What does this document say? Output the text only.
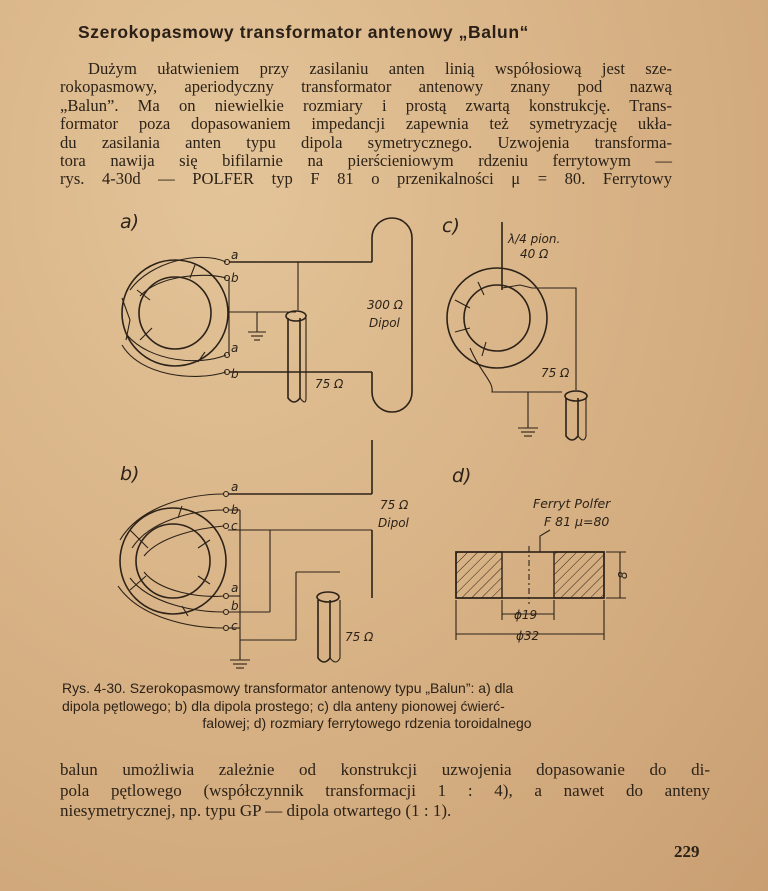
Szerokopasmowy transformator antenowy „Balun“
Dużym ułatwieniem przy zasilaniu anten linią współosiową jest sze-
rokopasmowy, aperiodyczny transformator antenowy znany pod nazwą
„Balun”. Ma on niewielkie rozmiary i prostą zwartą konstrukcję. Trans-
formator poza dopasowaniem impedancji zapewnia też symetryzację ukła-
du zasilania anten typu dipola symetrycznego. Uzwojenia transforma-
tora nawija się bifilarnie na pierścieniowym rdzeniu ferrytowym —
rys. 4-30d — POLFER typ F 81 o przenikalności μ = 80. Ferrytowy
a)
a
b
a
b
75 Ω
300 Ω
Dipol
c)
λ/4 pion.
40 Ω
75 Ω
b)
a
b
c
a
b
c
75 Ω
Dipol
75 Ω
d)
Ferryt Polfer
F 81 μ=80
8
ϕ19
ϕ32
Rys. 4-30. Szerokopasmowy transformator antenowy typu „Balun”: a) dla
dipola pętlowego; b) dla dipola prostego; c) dla anteny pionowej ćwierć-
falowej; d) rozmiary ferrytowego rdzenia toroidalnego
balun umożliwia zależnie od konstrukcji uzwojenia dopasowanie do di-
pola pętlowego (współczynnik transformacji 1 : 4), a nawet do anteny
niesymetrycznej, np. typu GP — dipola otwartego (1 : 1).
229
